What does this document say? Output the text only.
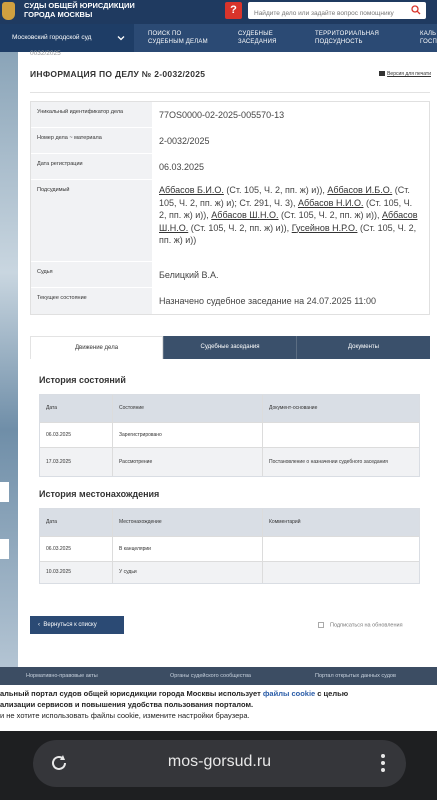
СУДЫ ОБЩЕЙ ЮРИСДИКЦИИ ГОРОДА МОСКВЫ	?
Найдите дело или задайте вопрос помощнику
Московский городской суд	ПОИСК ПО СУДЕБНЫМ ДЕЛАМ
СУДЕБНЫЕ ЗАСЕДАНИЯ
ТЕРРИТОРИАЛЬНАЯ ПОДСУДНОСТЬ
КАЛЬ ГОСП
0032/2025
ИНФОРМАЦИЯ ПО ДЕЛУ № 2-0032/2025	Версия для печати
Уникальный идентификатор дела	77OS0000-02-2025-005570-13
Номер дела ~ материала	2-0032/2025
Дата регистрации	06.03.2025
Подсудимый	Аббасов Б.И.О. (Ст. 105, Ч. 2, пп. ж) и)), Аббасов И.Б.О. (Ст. 105, Ч. 2, пп. ж) и); Ст. 291, Ч. 3), Аббасов Н.И.О. (Ст. 105, Ч. 2, пп. ж) и)), Аббасов Ш.Н.О. (Ст. 105, Ч. 2, пп. ж) и)), Аббасов Ш.Н.О. (Ст. 105, Ч. 2, пп. ж) и)), Гусейнов Н.Р.О. (Ст. 105, Ч. 2, пп. ж) и))
Судья	Белицкий В.А.
Текущее состояние	Назначено судебное заседание на 24.07.2025 11:00
Движение дела	Судебные заседания	Документы
История состояний
Дата	Состояние	Документ-основание
06.03.2025	Зарегистрировано
17.03.2025	Рассмотрение	Постановление о назначении судебного заседания
История местонахождения
Дата	Местонахождение	Комментарий
06.03.2025	В канцелярии
10.03.2025	У судьи
‹ Вернуться к списку	Подписаться на обновления
Нормативно-правовые акты	Органы судейского сообщества	Портал открытых данных судов
альный портал судов общей юрисдикции города Москвы использует файлы cookie с целью
ализации сервисов и повышения удобства пользования порталом.
и не хотите использовать файлы cookie, измените настройки браузера.
mos-gorsud.ru
